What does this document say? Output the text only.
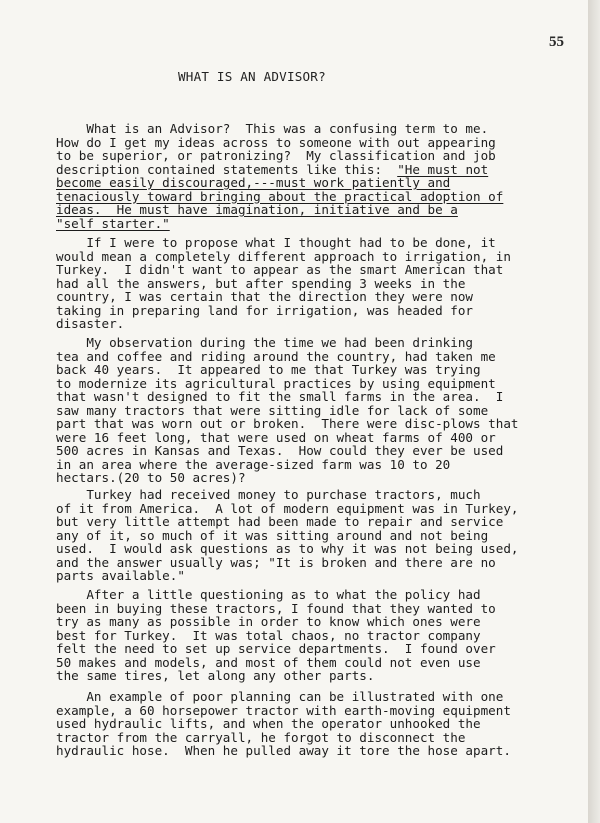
55
WHAT IS AN ADVISOR?
What is an Advisor?  This was a confusing term to me.
How do I get my ideas across to someone with out appearing
to be superior, or patronizing?  My classification and job
description contained statements like this:  "He must not
become easily discouraged,---must work patiently and
tenaciously toward bringing about the practical adoption of
ideas.  He must have imagination, initiative and be a
"self starter."
If I were to propose what I thought had to be done, it
would mean a completely different approach to irrigation, in
Turkey.  I didn't want to appear as the smart American that
had all the answers, but after spending 3 weeks in the
country, I was certain that the direction they were now
taking in preparing land for irrigation, was headed for
disaster.
My observation during the time we had been drinking
tea and coffee and riding around the country, had taken me
back 40 years.  It appeared to me that Turkey was trying
to modernize its agricultural practices by using equipment
that wasn't designed to fit the small farms in the area.  I
saw many tractors that were sitting idle for lack of some
part that was worn out or broken.  There were disc-plows that
were 16 feet long, that were used on wheat farms of 400 or
500 acres in Kansas and Texas.  How could they ever be used
in an area where the average-sized farm was 10 to 20
hectars.(20 to 50 acres)?
Turkey had received money to purchase tractors, much
of it from America.  A lot of modern equipment was in Turkey,
but very little attempt had been made to repair and service
any of it, so much of it was sitting around and not being
used.  I would ask questions as to why it was not being used,
and the answer usually was; "It is broken and there are no
parts available."
After a little questioning as to what the policy had
been in buying these tractors, I found that they wanted to
try as many as possible in order to know which ones were
best for Turkey.  It was total chaos, no tractor company
felt the need to set up service departments.  I found over
50 makes and models, and most of them could not even use
the same tires, let along any other parts.
An example of poor planning can be illustrated with one
example, a 60 horsepower tractor with earth-moving equipment
used hydraulic lifts, and when the operator unhooked the
tractor from the carryall, he forgot to disconnect the
hydraulic hose.  When he pulled away it tore the hose apart.
